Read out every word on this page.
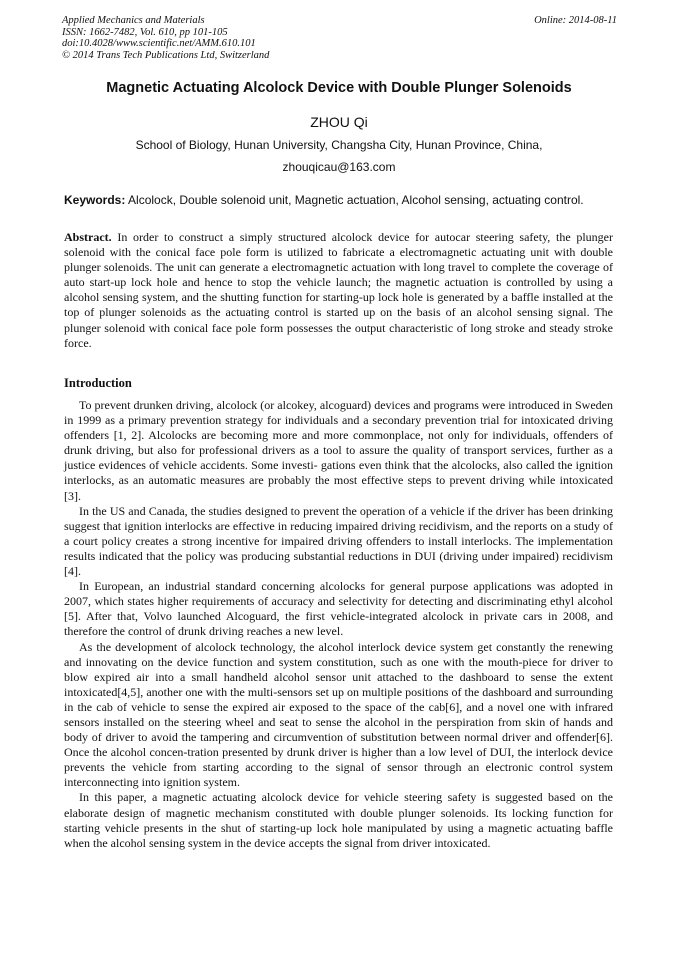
Applied Mechanics and Materials
ISSN: 1662-7482, Vol. 610, pp 101-105
doi:10.4028/www.scientific.net/AMM.610.101
© 2014 Trans Tech Publications Ltd, Switzerland
Online: 2014-08-11
Magnetic Actuating Alcolock Device with Double Plunger Solenoids
ZHOU Qi
School of Biology, Hunan University, Changsha City, Hunan Province, China,
zhouqicau@163.com
Keywords: Alcolock, Double solenoid unit, Magnetic actuation, Alcohol sensing, actuating control.

Abstract. In order to construct a simply structured alcolock device for autocar steering safety, the plunger solenoid with the conical face pole form is utilized to fabricate a electromagnetic actuating unit with double plunger solenoids. The unit can generate a electromagnetic actuation with long travel to complete the coverage of auto start-up lock hole and hence to stop the vehicle launch; the magnetic actuation is controlled by using a alcohol sensing system, and the shutting function for starting-up lock hole is generated by a baffle installed at the top of plunger solenoids as the actuating control is started up on the basis of an alcohol sensing signal. The plunger solenoid with conical face pole form possesses the output characteristic of long stroke and steady stroke force.

Introduction

To prevent drunken driving, alcolock (or alcokey, alcoguard) devices and programs were introduced in Sweden in 1999 as a primary prevention strategy for individuals and a secondary prevention trial for intoxicated driving offenders [1, 2]. Alcolocks are becoming more and more commonplace, not only for individuals, offenders of drunk driving, but also for professional drivers as a tool to assure the quality of transport services, further as a justice evidences of vehicle accidents. Some investi- gations even think that the alcolocks, also called the ignition interlocks, as an automatic measures are probably the most effective steps to prevent driving while intoxicated [3].

In the US and Canada, the studies designed to prevent the operation of a vehicle if the driver has been drinking suggest that ignition interlocks are effective in reducing impaired driving recidivism, and the reports on a study of a court policy creates a strong incentive for impaired driving offenders to install interlocks. The implementation results indicated that the policy was producing substantial reductions in DUI (driving under impaired) recidivism [4].

In European, an industrial standard concerning alcolocks for general purpose applications was adopted in 2007, which states higher requirements of accuracy and selectivity for detecting and discriminating ethyl alcohol [5]. After that, Volvo launched Alcoguard, the first vehicle-integrated alcolock in private cars in 2008, and therefore the control of drunk driving reaches a new level.

As the development of alcolock technology, the alcohol interlock device system get constantly the renewing and innovating on the device function and system constitution, such as one with the mouth-piece for driver to blow expired air into a small handheld alcohol sensor unit attached to the dashboard to sense the extent intoxicated[4,5], another one with the multi-sensors set up on multiple positions of the dashboard and surrounding in the cab of vehicle to sense the expired air exposed to the space of the cab[6], and a novel one with infrared sensors installed on the steering wheel and seat to sense the alcohol in the perspiration from skin of hands and body of driver to avoid the tampering and circumvention of substitution between normal driver and offender[6]. Once the alcohol concen-tration presented by drunk driver is higher than a low level of DUI, the interlock device prevents the vehicle from starting according to the signal of sensor through an electronic control system interconnecting into ignition system.

In this paper, a magnetic actuating alcolock device for vehicle steering safety is suggested based on the elaborate design of magnetic mechanism constituted with double plunger solenoids. Its locking function for starting vehicle presents in the shut of starting-up lock hole manipulated by using a magnetic actuating baffle when the alcohol sensing system in the device accepts the signal from driver intoxicated.
